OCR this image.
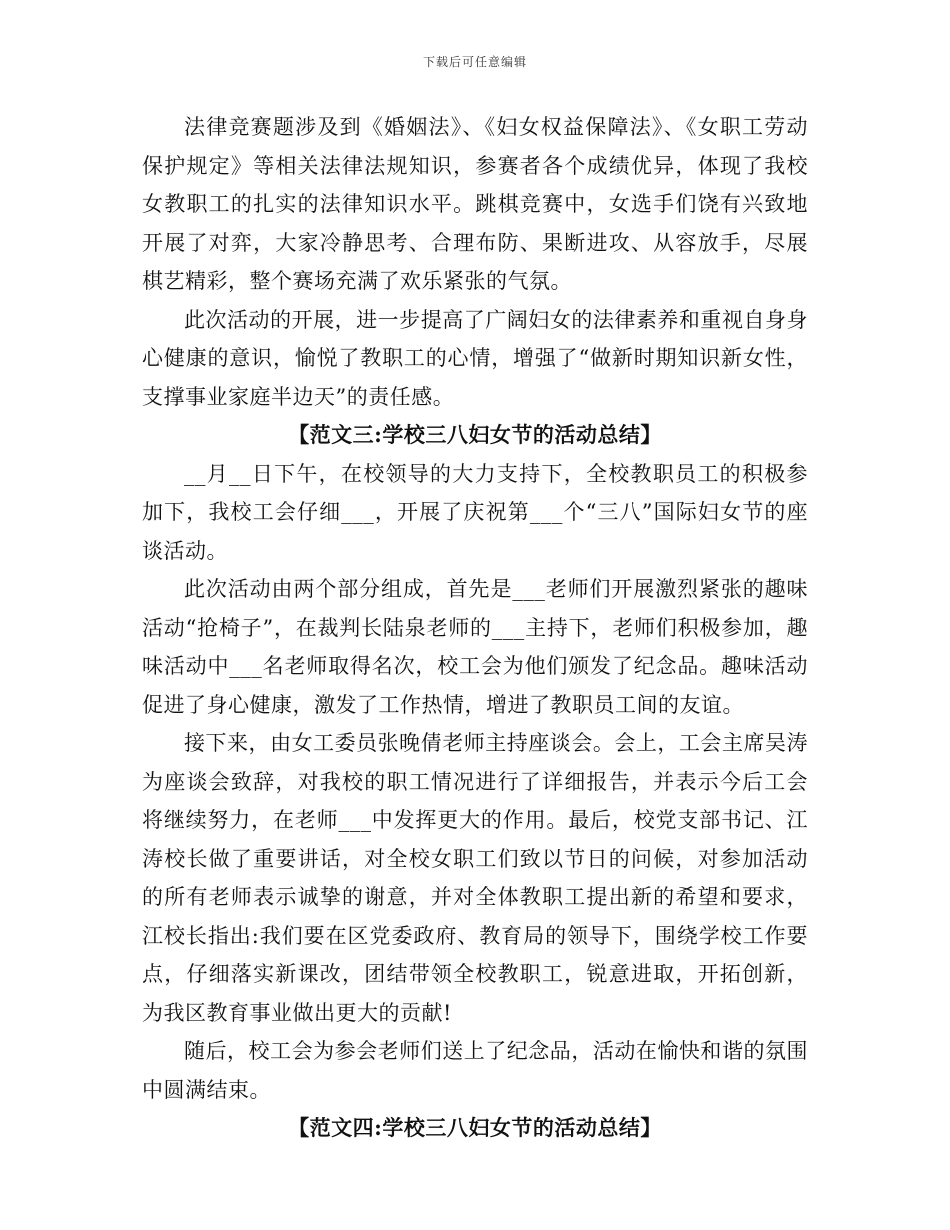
下载后可任意编辑

法律竞赛题涉及到《婚姻法》、《妇女权益保障法》、《女职工劳动保护规定》等相关法律法规知识，参赛者各个成绩优异，体现了我校女教职工的扎实的法律知识水平。跳棋竞赛中，女选手们饶有兴致地开展了对弈，大家冷静思考、合理布防、果断进攻、从容放手，尽展棋艺精彩，整个赛场充满了欢乐紧张的气氛。

此次活动的开展，进一步提高了广阔妇女的法律素养和重视自身身心健康的意识，愉悦了教职工的心情，增强了“做新时期知识新女性，支撑事业家庭半边天”的责任感。

【范文三:学校三八妇女节的活动总结】

__月__日下午，在校领导的大力支持下，全校教职员工的积极参加下，我校工会仔细___，开展了庆祝第___个“三八”国际妇女节的座谈活动。

此次活动由两个部分组成，首先是___老师们开展激烈紧张的趣味活动“抢椅子”，在裁判长陆泉老师的___主持下，老师们积极参加，趣味活动中___名老师取得名次，校工会为他们颁发了纪念品。趣味活动促进了身心健康，激发了工作热情，增进了教职员工间的友谊。

接下来，由女工委员张晚倩老师主持座谈会。会上，工会主席吴涛为座谈会致辞，对我校的职工情况进行了详细报告，并表示今后工会将继续努力，在老师___中发挥更大的作用。最后，校党支部书记、江涛校长做了重要讲话，对全校女职工们致以节日的问候，对参加活动的所有老师表示诚挚的谢意，并对全体教职工提出新的希望和要求，江校长指出:我们要在区党委政府、教育局的领导下，围绕学校工作要点，仔细落实新课改，团结带领全校教职工，锐意进取，开拓创新，为我区教育事业做出更大的贡献!

随后，校工会为参会老师们送上了纪念品，活动在愉快和谐的氛围中圆满结束。

【范文四:学校三八妇女节的活动总结】
